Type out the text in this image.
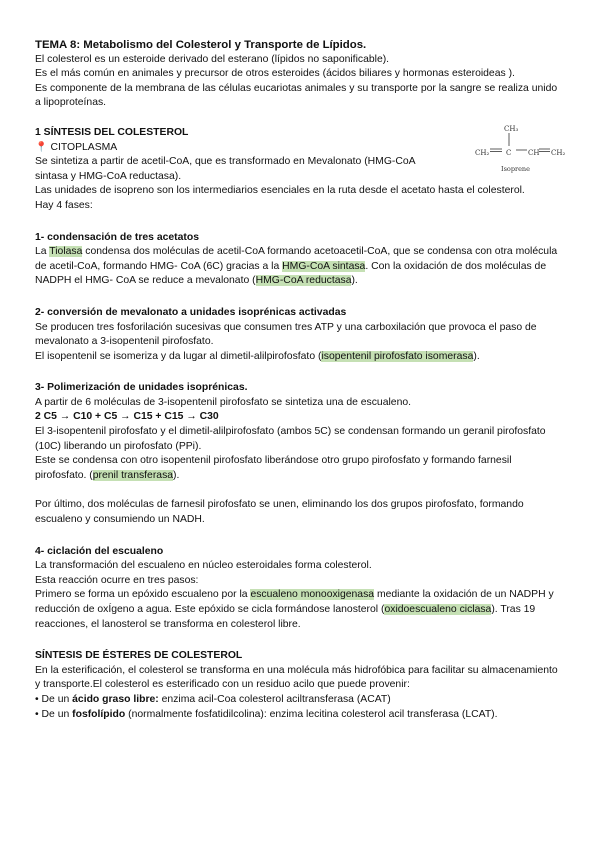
CH₃
CH₂ C CH CH₂
Isoprene

TEMA 8: Metabolismo del Colesterol y Transporte de Lípidos.

El colesterol es un esteroide derivado del esterano (lípidos no saponificable).

Es el más común en animales y precursor de otros esteroides (ácidos biliares y hormonas esteroideas ).

Es componente de la membrana de las células eucariotas animales y su transporte por la sangre se realiza unido a lipoproteínas.

1 SÍNTESIS DEL COLESTEROL

📍 CITOPLASMA

Se sintetiza a partir de acetil-CoA, que es transformado en Mevalonato (HMG-CoA sintasa y HMG-CoA reductasa).

Las unidades de isopreno son los intermediarios esenciales en la ruta desde el acetato hasta el colesterol.

Hay 4 fases:

1- condensación de tres acetatos

La Tiolasa condensa dos moléculas de acetil-CoA formando acetoacetil-CoA, que se condensa con otra molécula de acetil-CoA, formando HMG- CoA (6C) gracias a la HMG-CoA sintasa. Con la oxidación de dos moléculas de NADPH el HMG- CoA se reduce a mevalonato (HMG-CoA reductasa).

2- conversión de mevalonato a unidades isoprénicas activadas

Se producen tres fosforilación sucesivas que consumen tres ATP y una carboxilación que provoca el paso de mevalonato a 3-isopentenil pirofosfato.

El isopentenil se isomeriza y da lugar al dimetil-alilpirofosfato (isopentenil pirofosfato isomerasa).

3- Polimerización de unidades isoprénicas.

A partir de 6 moléculas de 3-isopentenil pirofosfato se sintetiza una de escualeno.

2 C5 → C10 + C5 → C15 + C15 → C30

El 3-isopentenil pirofosfato y el dimetil-alilpirofosfato (ambos 5C) se condensan formando un geranil pirofosfato (10C) liberando un pirofosfato (PPi).

Este se condensa con otro isopentenil pirofosfato liberándose otro grupo pirofosfato y formando farnesil pirofosfato. (prenil transferasa).

Por último, dos moléculas de farnesil pirofosfato se unen, eliminando los dos grupos pirofosfato, formando escualeno y consumiendo un NADH.

4- ciclación del escualeno

La transformación del escualeno en núcleo esteroidales forma colesterol.

Esta reacción ocurre en tres pasos:

Primero se forma un epóxido escualeno por la escualeno monooxigenasa mediante la oxidación de un NADPH y reducción de oxÍgeno a agua. Este epóxido se cicla formándose lanosterol (oxidoescualeno ciclasa). Tras 19 reacciones, el lanosterol se transforma en colesterol libre.

SÍNTESIS DE ÉSTERES DE COLESTEROL

En la esterificación, el colesterol se transforma en una molécula más hidrofóbica para facilitar su almacenamiento y transporte.El colesterol es esterificado con un residuo acilo que puede provenir:

• De un ácido graso libre: enzima acil-Coa colesterol aciltransferasa (ACAT)

• De un fosfolípido (normalmente fosfatidilcolina): enzima lecitina colesterol acil transferasa (LCAT).
